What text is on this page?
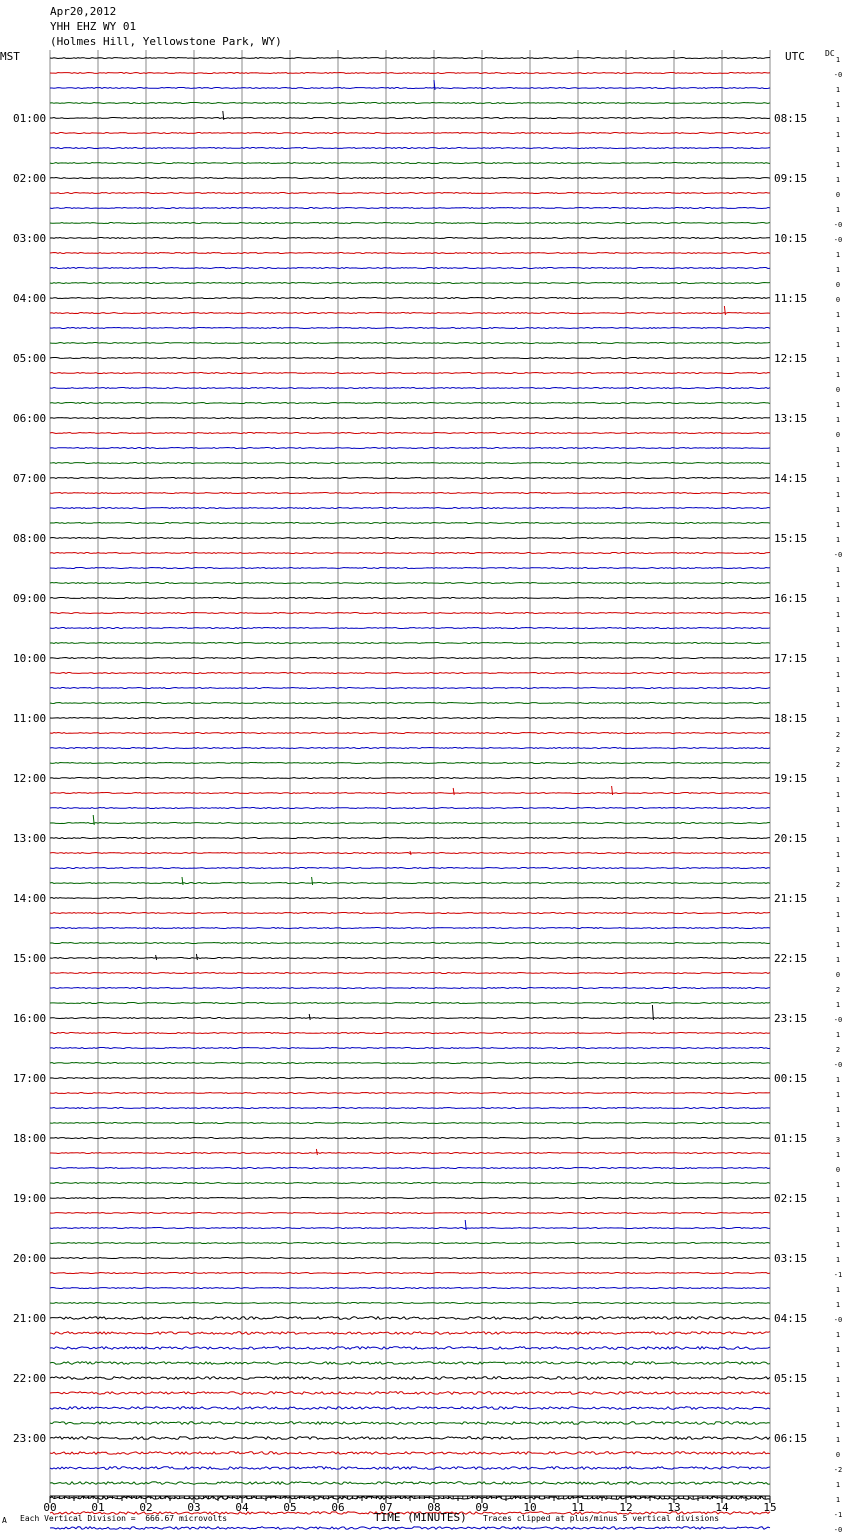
Apr20,2012
YHH EHZ WY 01
(Holmes Hill, Yellowstone Park, WY)
MST	UTC	DC
1
-0
1
1
1
1
1
1
1
0
1
-0
-0
1
1
0
0
1
1
1
1
1
0
1
1
0
1
1
1
1
1
1
1
-0
1
1
1
1
1
1
1
1
1
1
1
2
2
2
1
1
1
1
1
1
1
2
1
1
1
1
1
0
2
1
-0
1
2
-0
1
1
1
1
3
1
0
1
1
1
1
1
1
-1
1
1
-0
1
1
1
1
1
1
1
1
0
-2
1
1
-1
-0
01:00
02:00
03:00
04:00
05:00
06:00
07:00
08:00
09:00
10:00
11:00
12:00
13:00
14:00
15:00
16:00
17:00
18:00
19:00
20:00
21:00
22:00
23:00
08:15
09:15
10:15
11:15
12:15
13:15
14:15
15:15
16:15
17:15
18:15
19:15
20:15
21:15
22:15
23:15
00:15
01:15
02:15
03:15
04:15
05:15
06:15
00	01	02	03	04	05	06	07	08	09	10	11	12	13	14	15
TIME (MINUTES)
A Each Vertical Division =  666.67 microvolts	Traces clipped at plus/minus 5 vertical divisions
